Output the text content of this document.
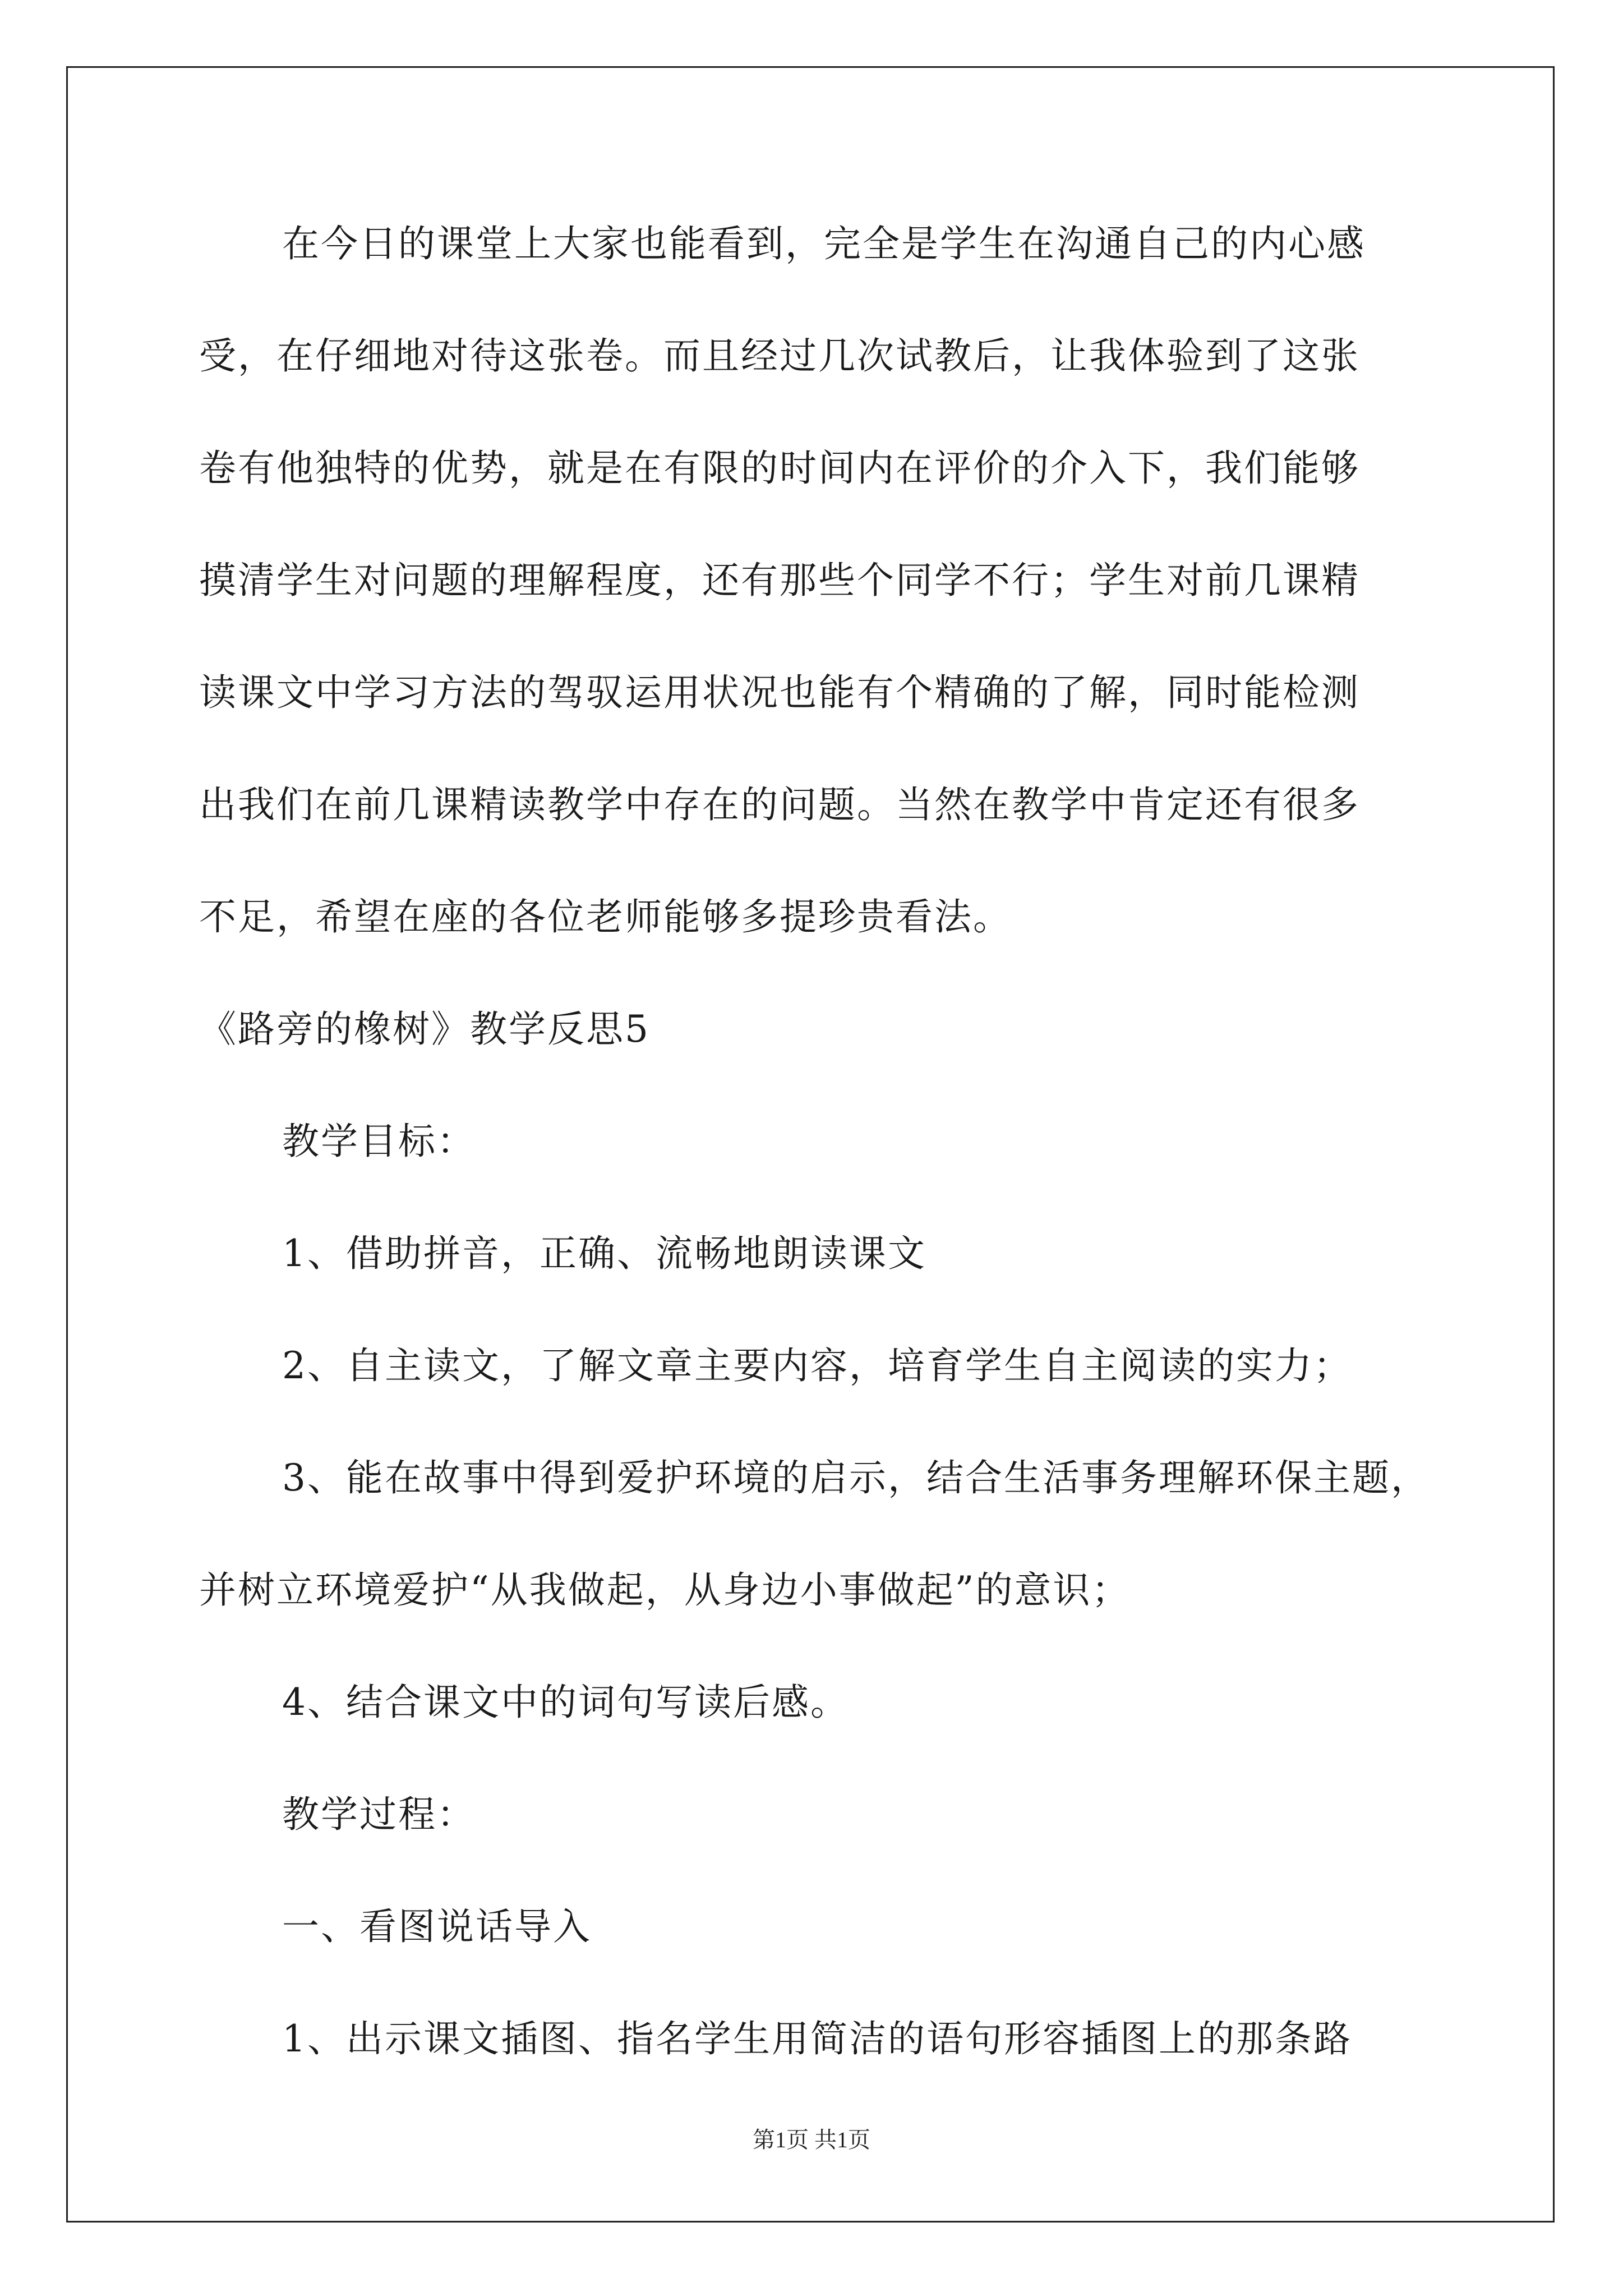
在今日的课堂上大家也能看到，完全是学生在沟通自己的内心感
受，在仔细地对待这张卷。而且经过几次试教后，让我体验到了这张
卷有他独特的优势，就是在有限的时间内在评价的介入下，我们能够
摸清学生对问题的理解程度，还有那些个同学不行；学生对前几课精
读课文中学习方法的驾驭运用状况也能有个精确的了解，同时能检测
出我们在前几课精读教学中存在的问题。当然在教学中肯定还有很多
不足，希望在座的各位老师能够多提珍贵看法。
《路旁的橡树》教学反思5
教学目标：
1、借助拼音，正确、流畅地朗读课文
2、自主读文，了解文章主要内容，培育学生自主阅读的实力；
3、能在故事中得到爱护环境的启示，结合生活事务理解环保主题，
并树立环境爱护“从我做起，从身边小事做起”的意识；
4、结合课文中的词句写读后感。
教学过程：
一、看图说话导入
1、出示课文插图、指名学生用简洁的语句形容插图上的那条路
第1页 共1页
